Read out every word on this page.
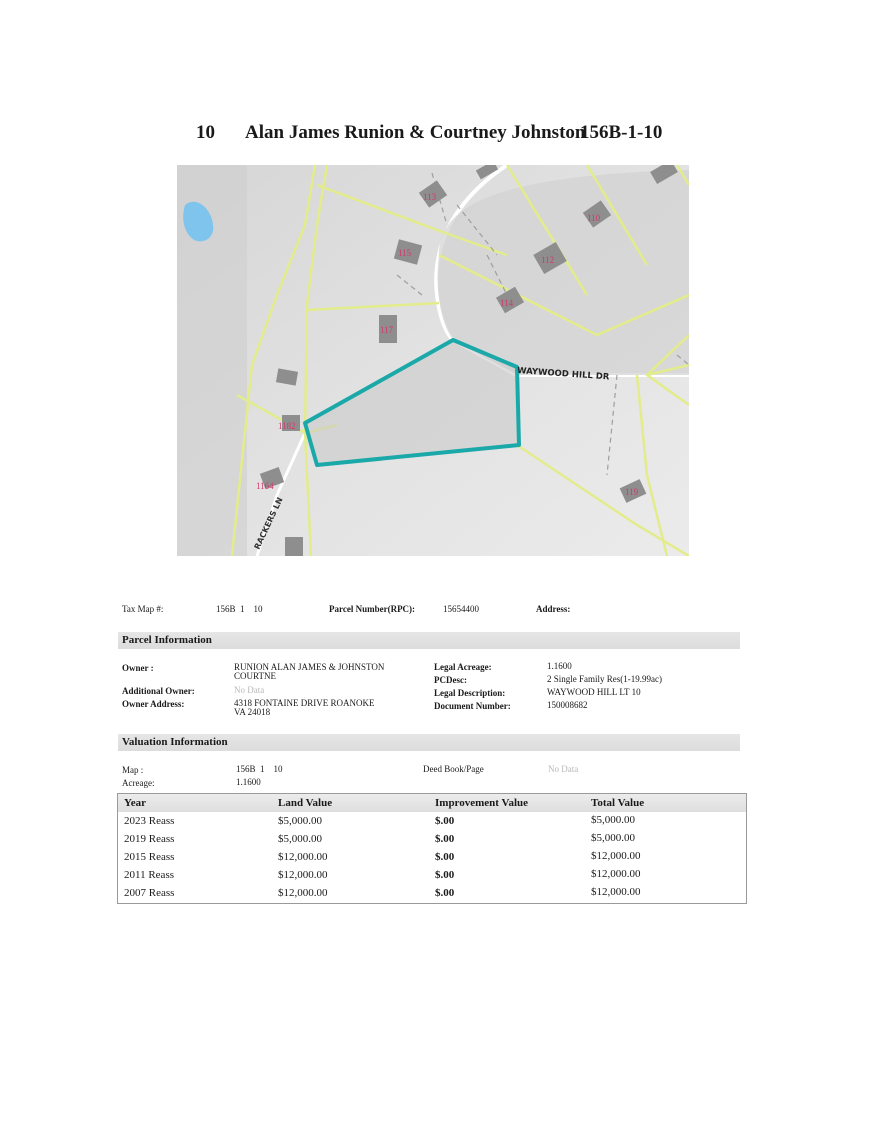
10 Alan James Runion & Courtney Johnston
156B-1-10
113
115
110
112
114
117
1182
1164
119
WAYWOOD HILL DR
RACKERS LN
Tax Map #:	156B  1    10	Parcel Number(RPC):	15654400	Address:
Parcel Information
Owner :	RUNION ALAN JAMES & JOHNSTON
COURTNE
Additional Owner:	No Data
Owner Address:	4318 FONTAINE DRIVE ROANOKE
VA 24018
Legal Acreage:	1.1600
PCDesc:	2 Single Family Res(1-19.99ac)
Legal Description:	WAYWOOD HILL LT 10
Document Number:	150008682
Valuation Information
Map :	156B  1    10
Acreage:	1.1600
Deed Book/Page	No Data
Year	Land Value	Improvement Value	Total Value
2023 Reass	$5,000.00	$.00	$5,000.00
2019 Reass	$5,000.00	$.00	$5,000.00
2015 Reass	$12,000.00	$.00	$12,000.00
2011 Reass	$12,000.00	$.00	$12,000.00
2007 Reass	$12,000.00	$.00	$12,000.00
